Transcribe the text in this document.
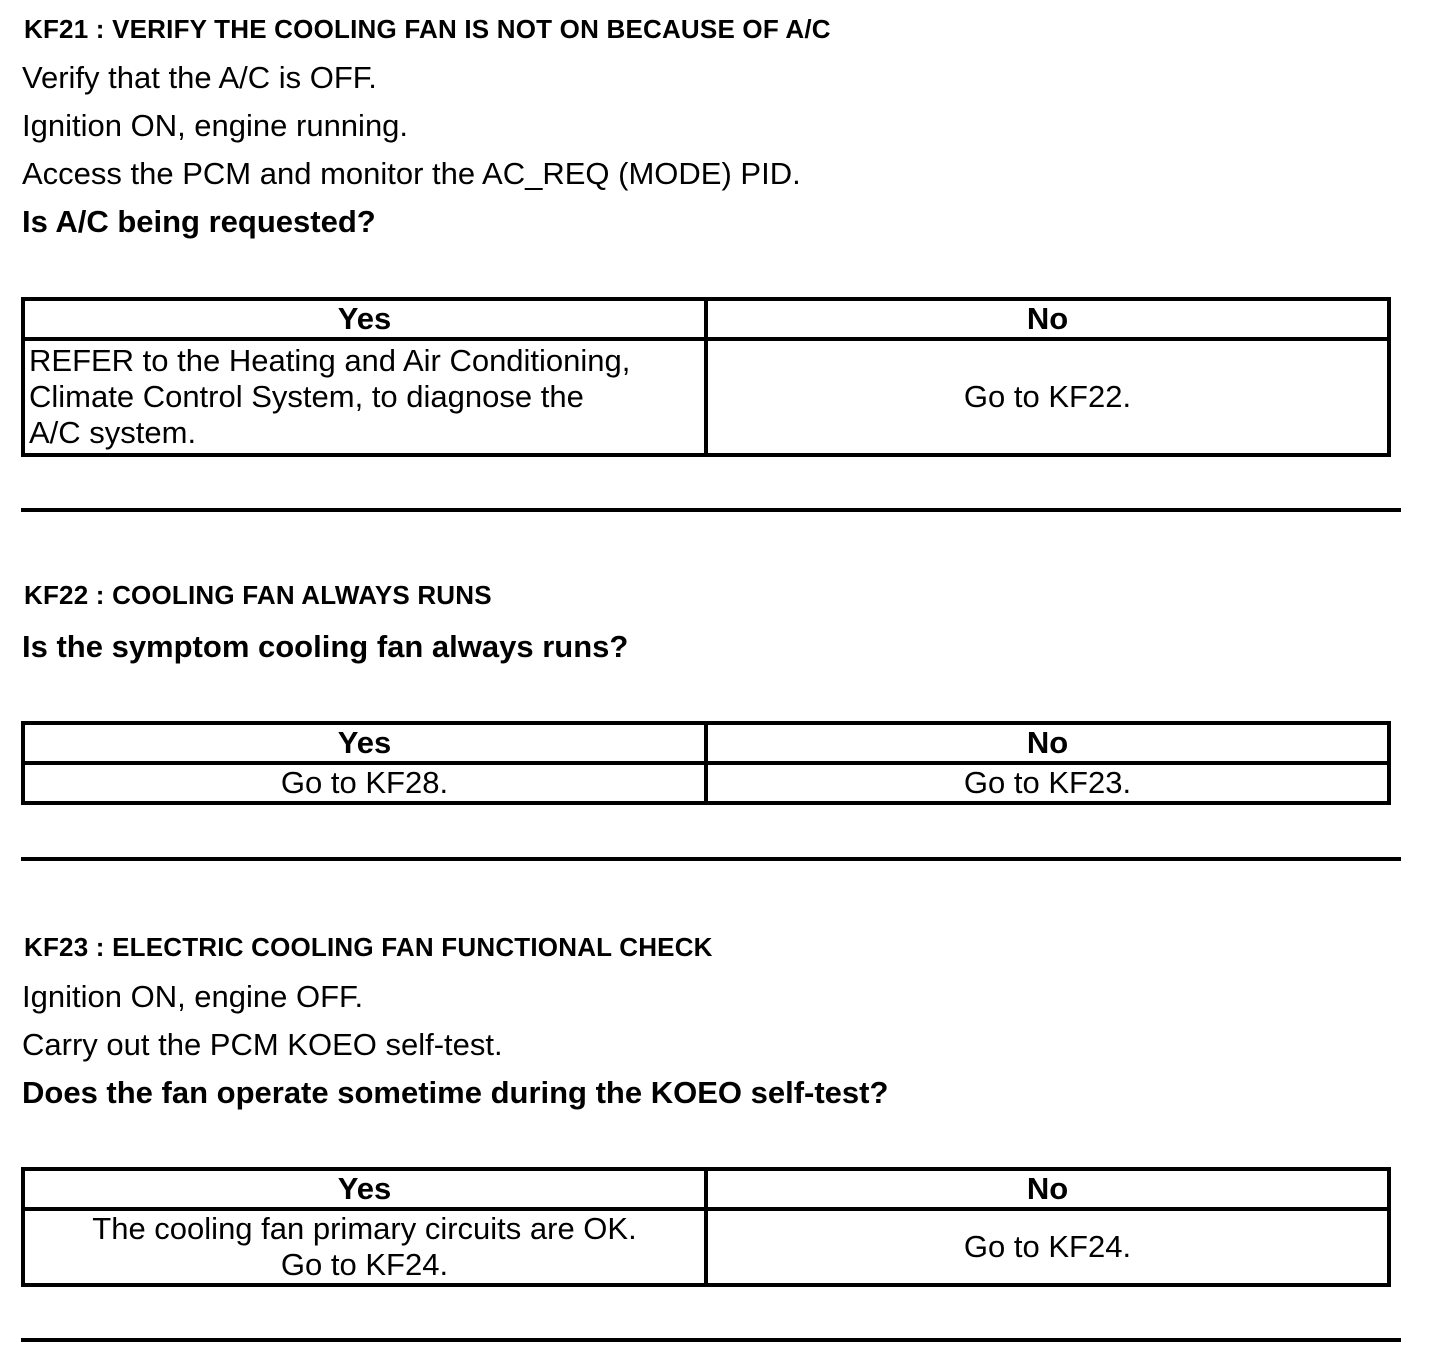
KF21 : VERIFY THE COOLING FAN IS NOT ON BECAUSE OF A/C
Verify that the A/C is OFF.
Ignition ON, engine running.
Access the PCM and monitor the AC_REQ (MODE) PID.
Is A/C being requested?
Yes	No

REFER to the Heating and Air Conditioning,
Climate Control System, to diagnose the
A/C system.	Go to KF22.
KF22 : COOLING FAN ALWAYS RUNS
Is the symptom cooling fan always runs?
Yes	No
Go to KF28.	Go to KF23.
KF23 : ELECTRIC COOLING FAN FUNCTIONAL CHECK
Ignition ON, engine OFF.
Carry out the PCM KOEO self-test.
Does the fan operate sometime during the KOEO self-test?
Yes	No

The cooling fan primary circuits are OK.
Go to KF24.	Go to KF24.
